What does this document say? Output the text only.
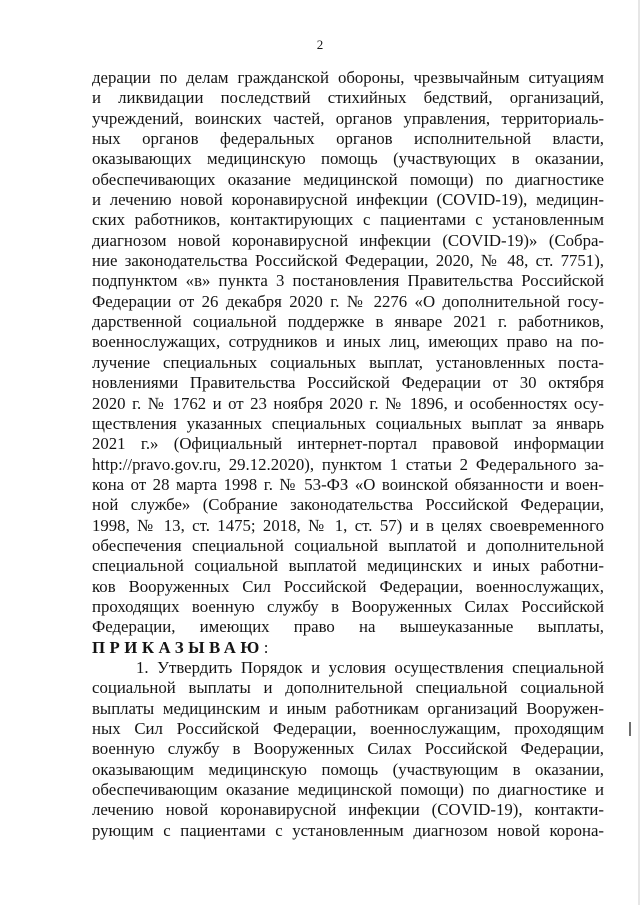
2
дерации по делам гражданской обороны, чрезвычайным ситуациям
и ликвидации последствий стихийных бедствий, организаций,
учреждений, воинских частей, органов управления, территориаль-
ных органов федеральных органов исполнительной власти,
оказывающих медицинскую помощь (участвующих в оказании,
обеспечивающих оказание медицинской помощи) по диагностике
и лечению новой коронавирусной инфекции (COVID-19), медицин-
ских работников, контактирующих с пациентами с установленным
диагнозом новой коронавирусной инфекции (COVID-19)» (Собра-
ние законодательства Российской Федерации, 2020, № 48, ст. 7751),
подпунктом «в» пункта 3 постановления Правительства Российской
Федерации от 26 декабря 2020 г. № 2276 «О дополнительной госу-
дарственной социальной поддержке в январе 2021 г. работников,
военнослужащих, сотрудников и иных лиц, имеющих право на по-
лучение специальных социальных выплат, установленных поста-
новлениями Правительства Российской Федерации от 30 октября
2020 г. № 1762 и от 23 ноября 2020 г. № 1896, и особенностях осу-
ществления указанных специальных социальных выплат за январь
2021 г.» (Официальный интернет-портал правовой информации
http://pravo.gov.ru, 29.12.2020), пунктом 1 статьи 2 Федерального за-
кона от 28 марта 1998 г. № 53-ФЗ «О воинской обязанности и воен-
ной службе» (Собрание законодательства Российской Федерации,
1998, № 13, ст. 1475; 2018, № 1, ст. 57) и в целях своевременного
обеспечения специальной социальной выплатой и дополнительной
специальной социальной выплатой медицинских и иных работни-
ков Вооруженных Сил Российской Федерации, военнослужащих,
проходящих военную службу в Вооруженных Силах Российской
Федерации, имеющих право на вышеуказанные выплаты,
ПРИКАЗЫВАЮ:
1. Утвердить Порядок и условия осуществления специальной
социальной выплаты и дополнительной специальной социальной
выплаты медицинским и иным работникам организаций Вооружен-
ных Сил Российской Федерации, военнослужащим, проходящим
военную службу в Вооруженных Силах Российской Федерации,
оказывающим медицинскую помощь (участвующим в оказании,
обеспечивающим оказание медицинской помощи) по диагностике и
лечению новой коронавирусной инфекции (COVID-19), контакти-
рующим с пациентами с установленным диагнозом новой корона-
